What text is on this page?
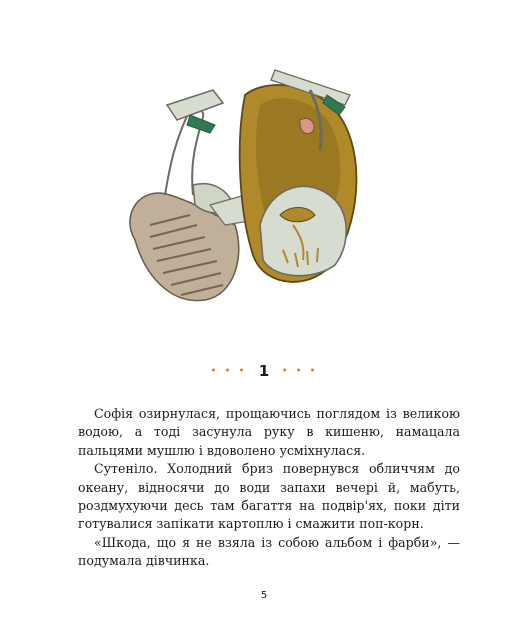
• • • 1 • • •

Софія озирнулася, прощаючись поглядом із великою водою, а тоді засунула руку в кишеню, намацала пальцями мушлю і вдоволено усміхнулася.

Сутеніло. Холодний бриз повернувся обличчям до океану, відносячи до води запахи вечері й, мабуть, роздмухуючи десь там багаття на подвір'ях, поки діти готувалися запікати картоплю і смажити поп-корн.

«Шкода, що я не взяла із собою альбом і фарби», — подумала дівчинка.

5
